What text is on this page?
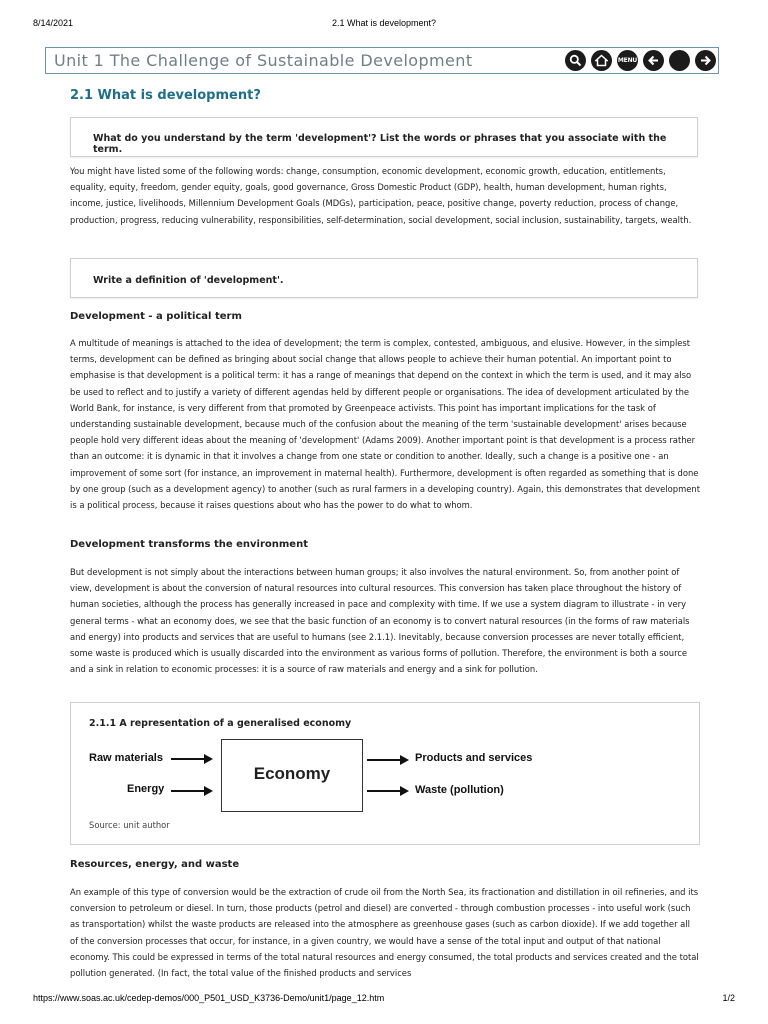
8/14/2021	2.1 What is development?
Unit 1 The Challenge of Sustainable Development	MENU
2.1 What is development?
What do you understand by the term 'development'? List the words or phrases that you associate with the term.

You might have listed some of the following words: change, consumption, economic development, economic growth, education, entitlements, equality, equity, freedom, gender equity, goals, good governance, Gross Domestic Product (GDP), health, human development, human rights, income, justice, livelihoods, Millennium Development Goals (MDGs), participation, peace, positive change, poverty reduction, process of change, production, progress, reducing vulnerability, responsibilities, self-determination, social development, social inclusion, sustainability, targets, wealth.

Write a definition of 'development'.
Development - a political term

A multitude of meanings is attached to the idea of development; the term is complex, contested, ambiguous, and elusive. However, in the simplest terms, development can be defined as bringing about social change that allows people to achieve their human potential. An important point to emphasise is that development is a political term: it has a range of meanings that depend on the context in which the term is used, and it may also be used to reflect and to justify a variety of different agendas held by different people or organisations. The idea of development articulated by the World Bank, for instance, is very different from that promoted by Greenpeace activists. This point has important implications for the task of understanding sustainable development, because much of the confusion about the meaning of the term 'sustainable development' arises because people hold very different ideas about the meaning of 'development' (Adams 2009). Another important point is that development is a process rather than an outcome: it is dynamic in that it involves a change from one state or condition to another. Ideally, such a change is a positive one - an improvement of some sort (for instance, an improvement in maternal health). Furthermore, development is often regarded as something that is done by one group (such as a development agency) to another (such as rural farmers in a developing country). Again, this demonstrates that development is a political process, because it raises questions about who has the power to do what to whom.

Development transforms the environment

But development is not simply about the interactions between human groups; it also involves the natural environment. So, from another point of view, development is about the conversion of natural resources into cultural resources. This conversion has taken place throughout the history of human societies, although the process has generally increased in pace and complexity with time. If we use a system diagram to illustrate - in very general terms - what an economy does, we see that the basic function of an economy is to convert natural resources (in the forms of raw materials and energy) into products and services that are useful to humans (see 2.1.1). Inevitably, because conversion processes are never totally efficient, some waste is produced which is usually discarded into the environment as various forms of pollution. Therefore, the environment is both a source and a sink in relation to economic processes: it is a source of raw materials and energy and a sink for pollution.

2.1.1 A representation of a generalised economy
Raw materials
Energy
Economy
Products and services
Waste (pollution)
Source: unit author
Resources, energy, and waste

An example of this type of conversion would be the extraction of crude oil from the North Sea, its fractionation and distillation in oil refineries, and its conversion to petroleum or diesel. In turn, those products (petrol and diesel) are converted - through combustion processes - into useful work (such as transportation) whilst the waste products are released into the atmosphere as greenhouse gases (such as carbon dioxide). If we add together all of the conversion processes that occur, for instance, in a given country, we would have a sense of the total input and output of that national economy. This could be expressed in terms of the total natural resources and energy consumed, the total products and services created and the total pollution generated. (In fact, the total value of the finished products and services

https://www.soas.ac.uk/cedep-demos/000_P501_USD_K3736-Demo/unit1/page_12.htm	1/2
